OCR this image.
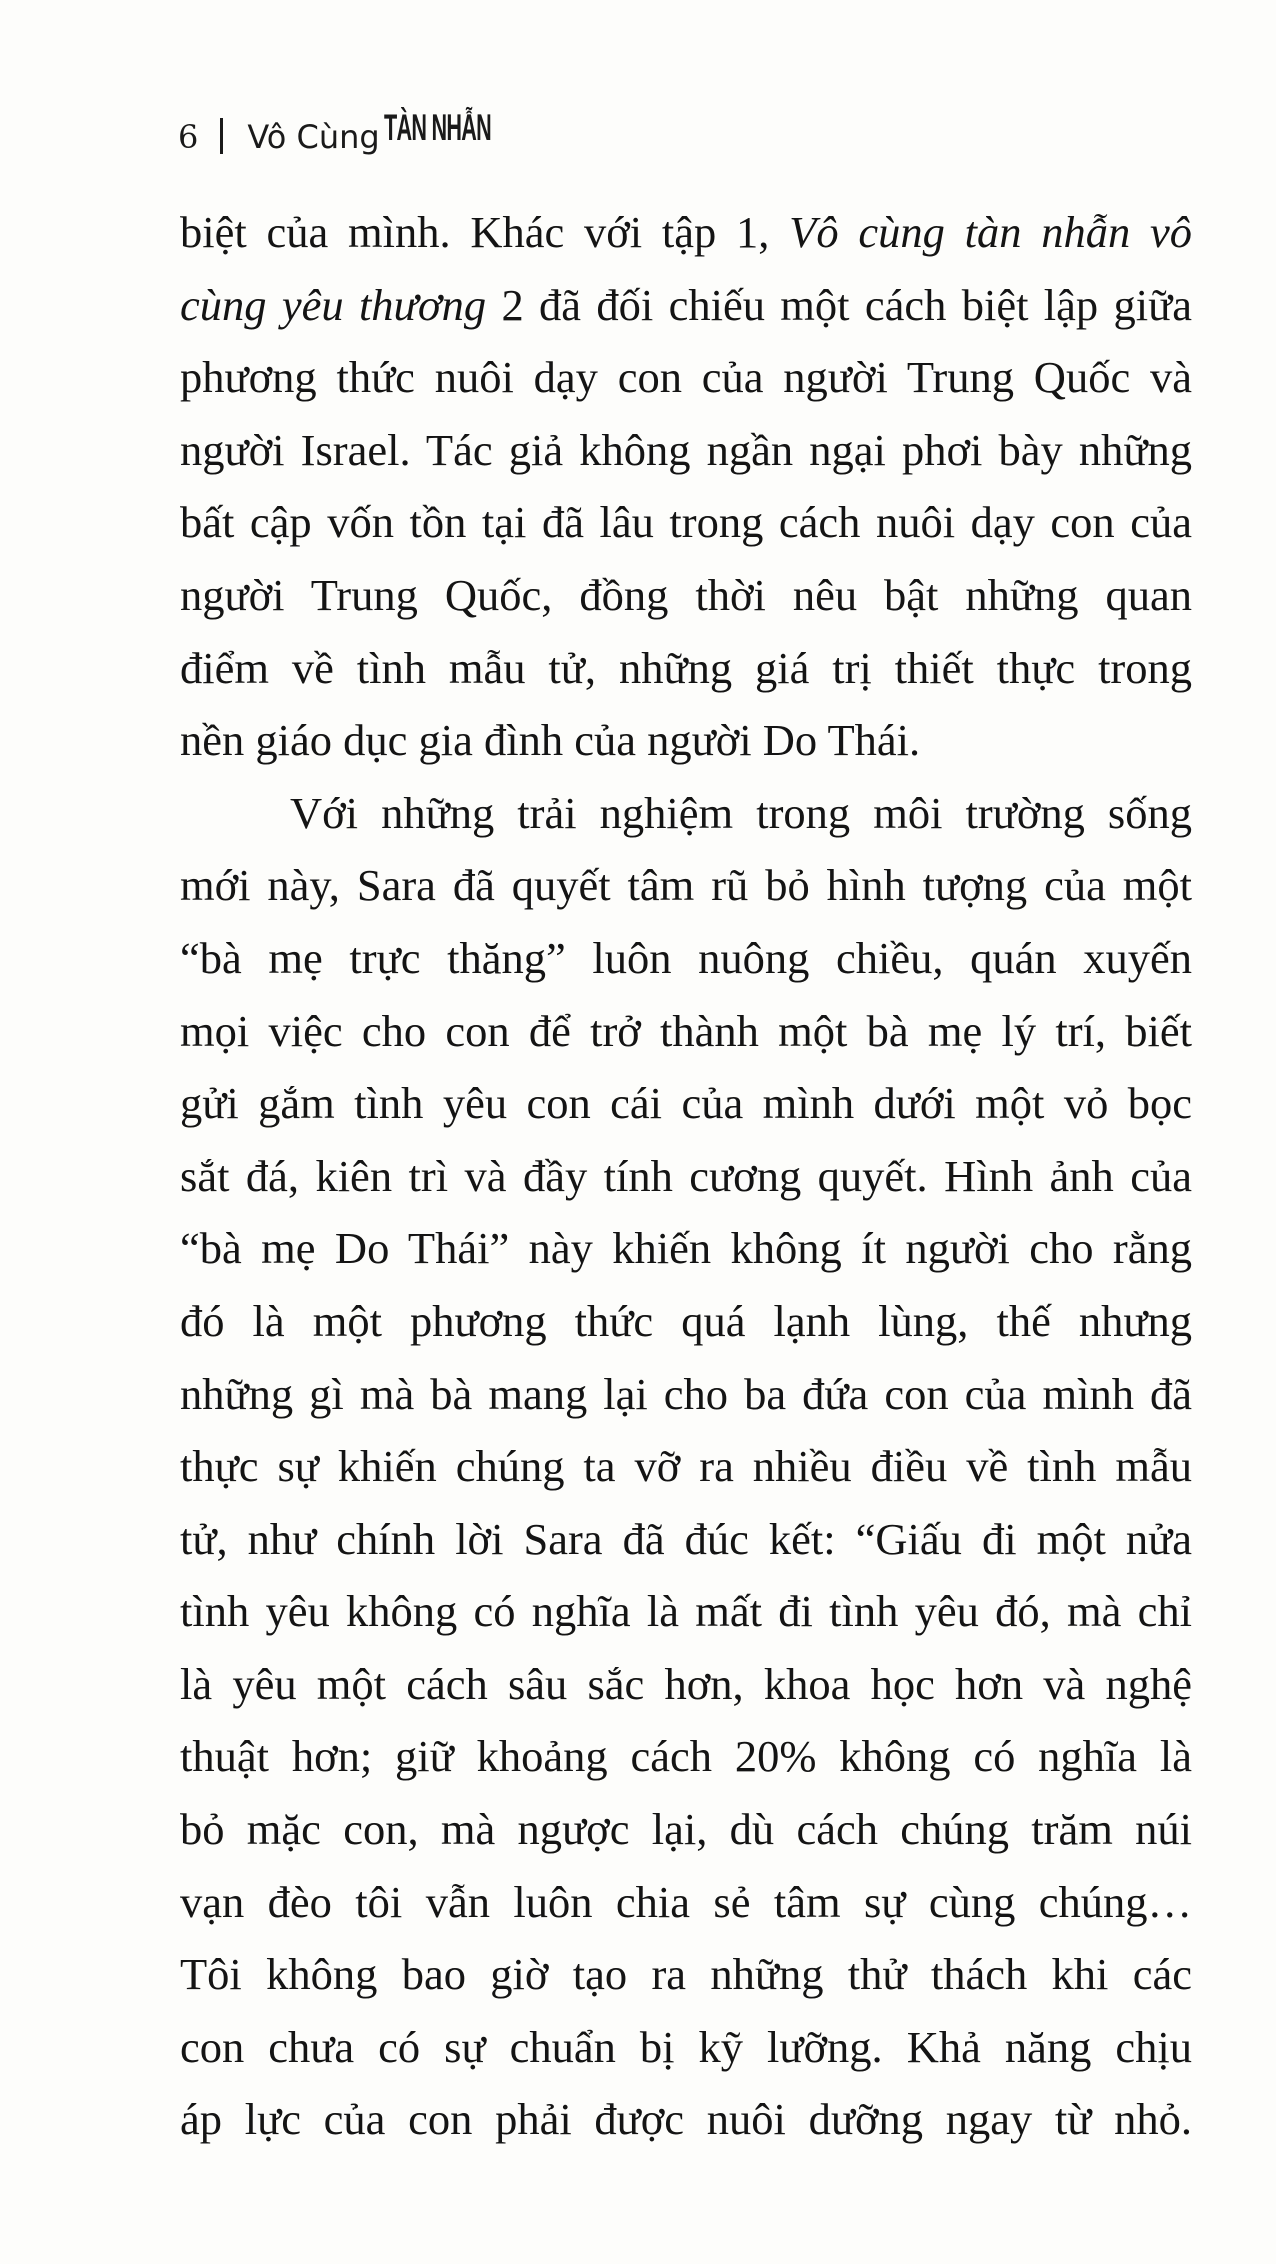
6 Vô Cùng TÀN NHẪN
biệt của mình. Khác với tập 1, Vô cùng tàn nhẫn vô
cùng yêu thương 2 đã đối chiếu một cách biệt lập giữa
phương thức nuôi dạy con của người Trung Quốc và
người Israel. Tác giả không ngần ngại phơi bày những
bất cập vốn tồn tại đã lâu trong cách nuôi dạy con của
người Trung Quốc, đồng thời nêu bật những quan
điểm về tình mẫu tử, những giá trị thiết thực trong
nền giáo dục gia đình của người Do Thái.
Với những trải nghiệm trong môi trường sống
mới này, Sara đã quyết tâm rũ bỏ hình tượng của một
“bà mẹ trực thăng” luôn nuông chiều, quán xuyến
mọi việc cho con để trở thành một bà mẹ lý trí, biết
gửi gắm tình yêu con cái của mình dưới một vỏ bọc
sắt đá, kiên trì và đầy tính cương quyết. Hình ảnh của
“bà mẹ Do Thái” này khiến không ít người cho rằng
đó là một phương thức quá lạnh lùng, thế nhưng
những gì mà bà mang lại cho ba đứa con của mình đã
thực sự khiến chúng ta vỡ ra nhiều điều về tình mẫu
tử, như chính lời Sara đã đúc kết: “Giấu đi một nửa
tình yêu không có nghĩa là mất đi tình yêu đó, mà chỉ
là yêu một cách sâu sắc hơn, khoa học hơn và nghệ
thuật hơn; giữ khoảng cách 20% không có nghĩa là
bỏ mặc con, mà ngược lại, dù cách chúng trăm núi
vạn đèo tôi vẫn luôn chia sẻ tâm sự cùng chúng…
Tôi không bao giờ tạo ra những thử thách khi các
con chưa có sự chuẩn bị kỹ lưỡng. Khả năng chịu
áp lực của con phải được nuôi dưỡng ngay từ nhỏ.
